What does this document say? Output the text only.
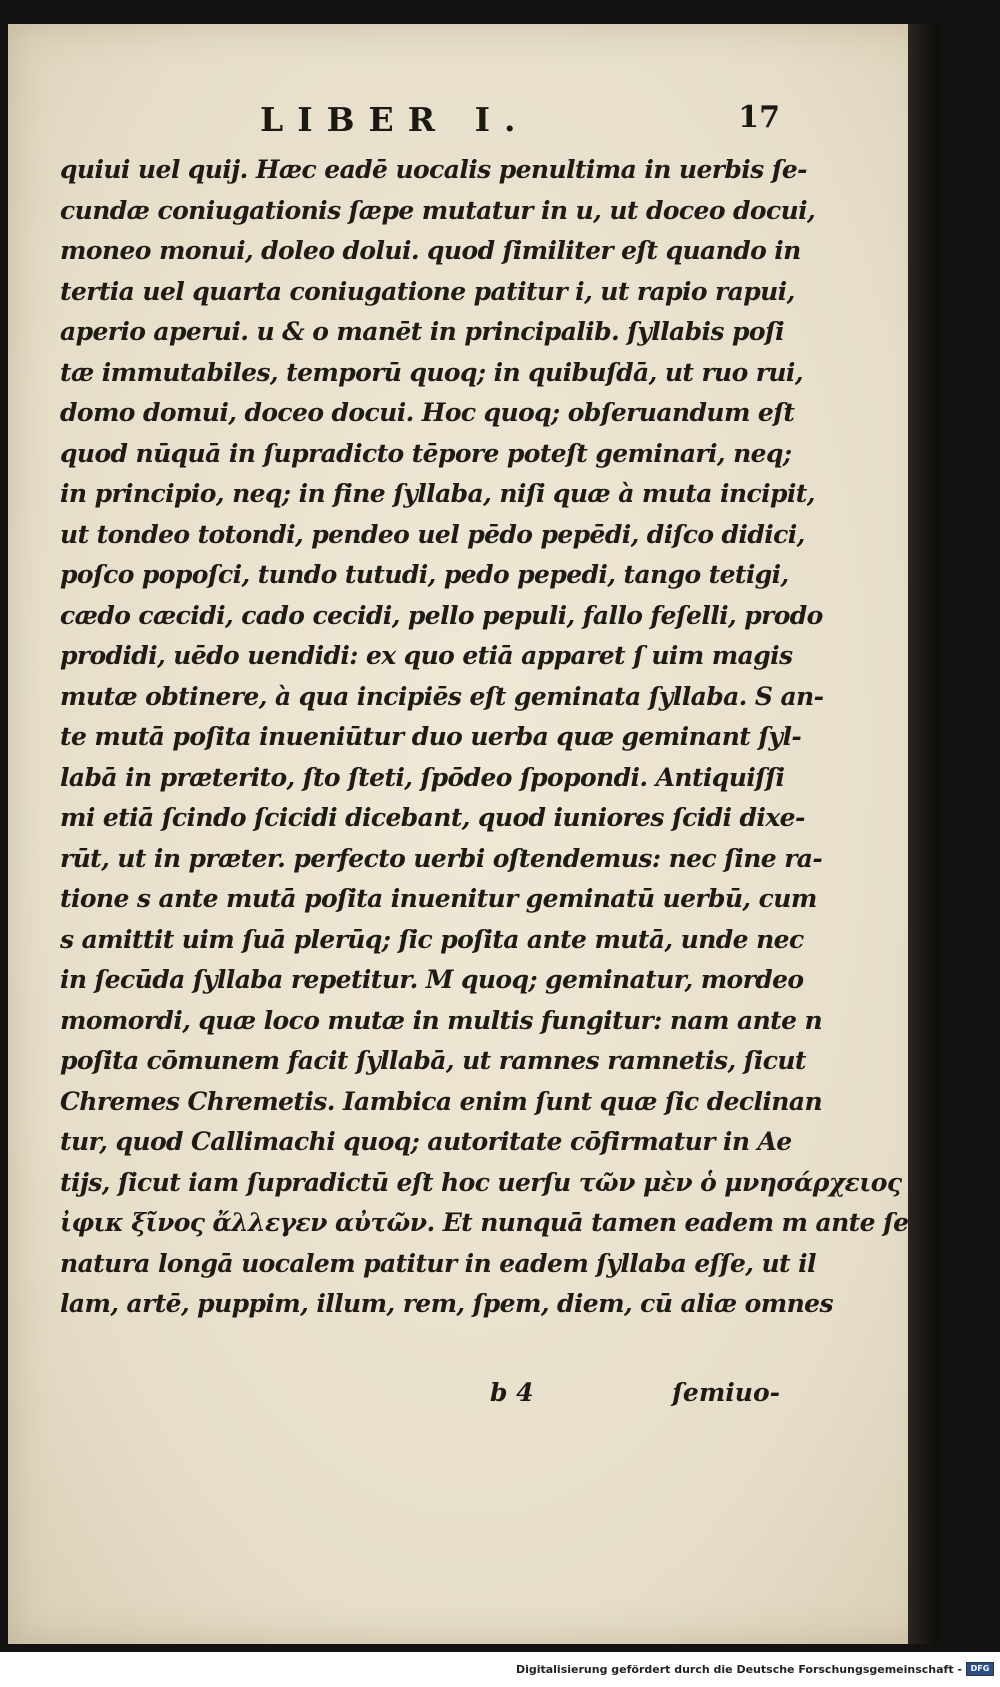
LIBER I.	17
quiui uel quij. Hæc eadē uocalis penultima in uerbis ſe-
cundæ coniugationis ſæpe mutatur in u, ut doceo docui,
moneo monui, doleo dolui. quod ſimiliter eſt quando in
tertia uel quarta coniugatione patitur i, ut rapio rapui,
aperio aperui. u & o manēt in principalib. ſyllabis poſi
tæ immutabiles, temporū quoq; in quibuſdā, ut ruo rui,
domo domui, doceo docui. Hoc quoq; obſeruandum eſt
quod nūquā in ſupradicto tēpore poteſt geminari, neq;
in principio, neq; in fine ſyllaba, niſi quæ à muta incipit,
ut tondeo totondi, pendeo uel pēdo pepēdi, diſco didici,
poſco popoſci, tundo tutudi, pedo pepedi, tango tetigi,
cædo cæcidi, cado cecidi, pello pepuli, fallo feſelli, prodo
prodidi, uēdo uendidi: ex quo etiā apparet ſ uim magis
mutæ obtinere, à qua incipiēs eſt geminata ſyllaba. S an-
te mutā poſita inueniūtur duo uerba quæ geminant ſyl-
labā in præterito, ſto ſteti, ſpōdeo ſpopondi. Antiquiſſi
mi etiā ſcindo ſcicidi dicebant, quod iuniores ſcidi dixe-
rūt, ut in præter. perfecto uerbi oſtendemus: nec ſine ra-
tione s ante mutā poſita inuenitur geminatū uerbū, cum
s amittit uim ſuā plerūq; ſic poſita ante mutā, unde nec
in ſecūda ſyllaba repetitur. M quoq; geminatur, mordeo
momordi, quæ loco mutæ in multis fungitur: nam ante n
poſita cōmunem facit ſyllabā, ut ramnes ramnetis, ſicut
Chremes Chremetis. Iambica enim ſunt quæ ſic declinan
tur, quod Callimachi quoq; autoritate cōfirmatur in Ae
tijs, ſicut iam ſupradictū eſt hoc uerſu τῶν μὲν ὁ μνησάρχειος
ἰφικ ξῖνος ἄλλεγεν αὐτῶν. Et nunquā tamen eadem m ante ſe
natura longā uocalem patitur in eadem ſyllaba eſſe, ut il
lam, artē, puppim, illum, rem, ſpem, diem, cū aliæ omnes
b 4	ſemiuo-
Digitalisierung gefördert durch die Deutsche Forschungsgemeinschaft -	DFG
